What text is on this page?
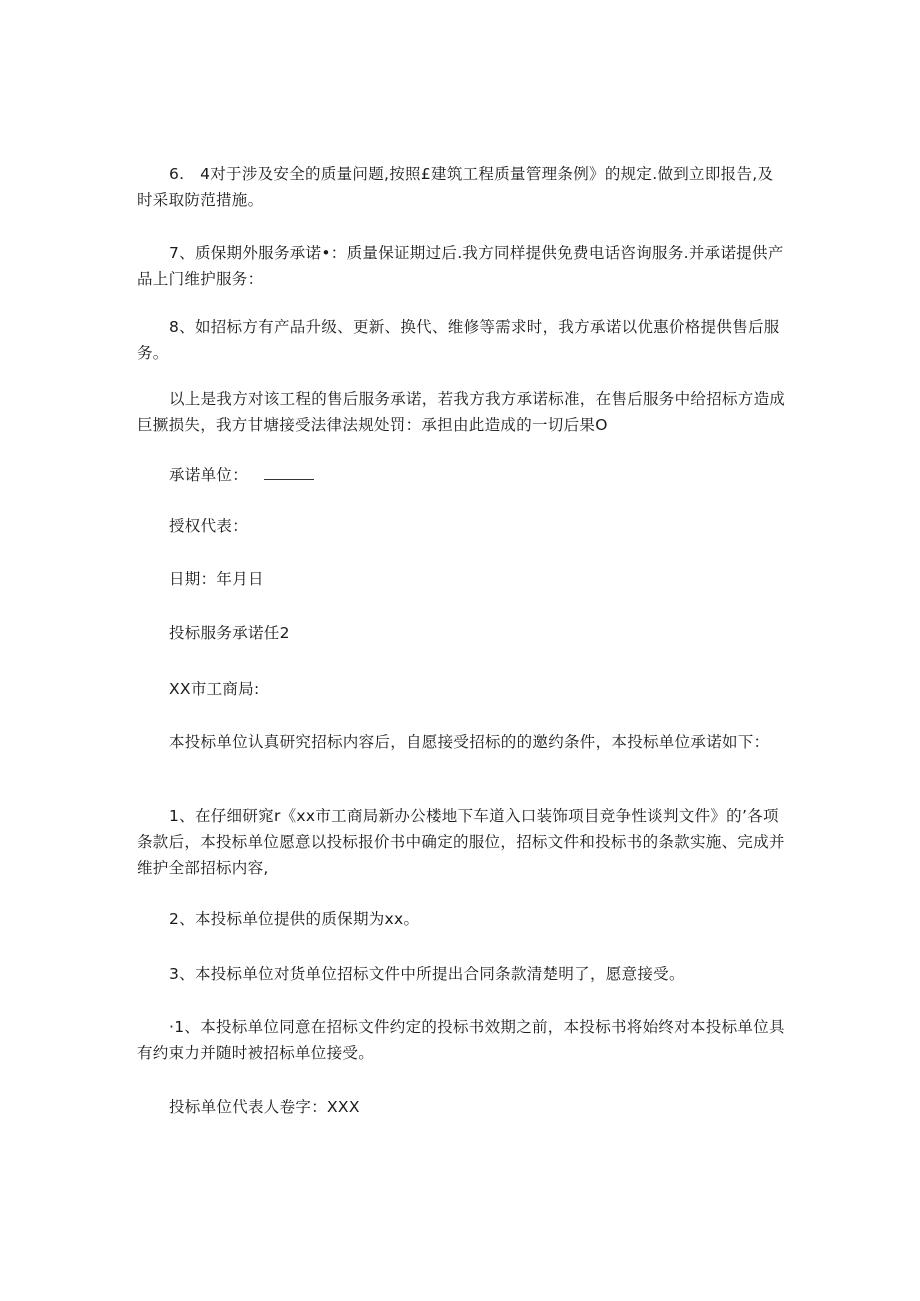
6.   4对于涉及安全的质量问题,按照£建筑工程质量管理条例》的规定.做到立即报告,及时采取防范措施。
7、质保期外服务承诺•：质量保证期过后.我方同样提供免费电话咨询服务.并承诺提供产品上门维护服务：
8、如招标方有产品升级、更新、换代、维修等需求时，我方承诺以优惠价格提供售后服务。
以上是我方对该工程的售后服务承诺，若我方我方承诺标准，在售后服务中给招标方造成巨撅损失，我方甘塘接受法律法规处罚：承担由此造成的一切后果O
承诺单位：
授权代表：
日期：年月日
投标服务承诺任2
XX市工商局:
本投标单位认真研究招标内容后，自愿接受招标的的邀约条件，本投标单位承诺如下：
1、在仔细研窕r《xx市工商局新办公楼地下车道入口装饰项目竞争性谈判文件》的’各项条款后，本投标单位愿意以投标报价书中确定的服位，招标文件和投标书的条款实施、完成并维护全部招标内容,
2、本投标单位提供的质保期为xx。
3、本投标单位对货单位招标文件中所提出合同条款清楚明了，愿意接受。
·1、本投标单位同意在招标文件约定的投标书效期之前，本投标书将始终对本投标单位具有约束力并随时被招标单位接受。
投标单位代表人卷字：XXX
